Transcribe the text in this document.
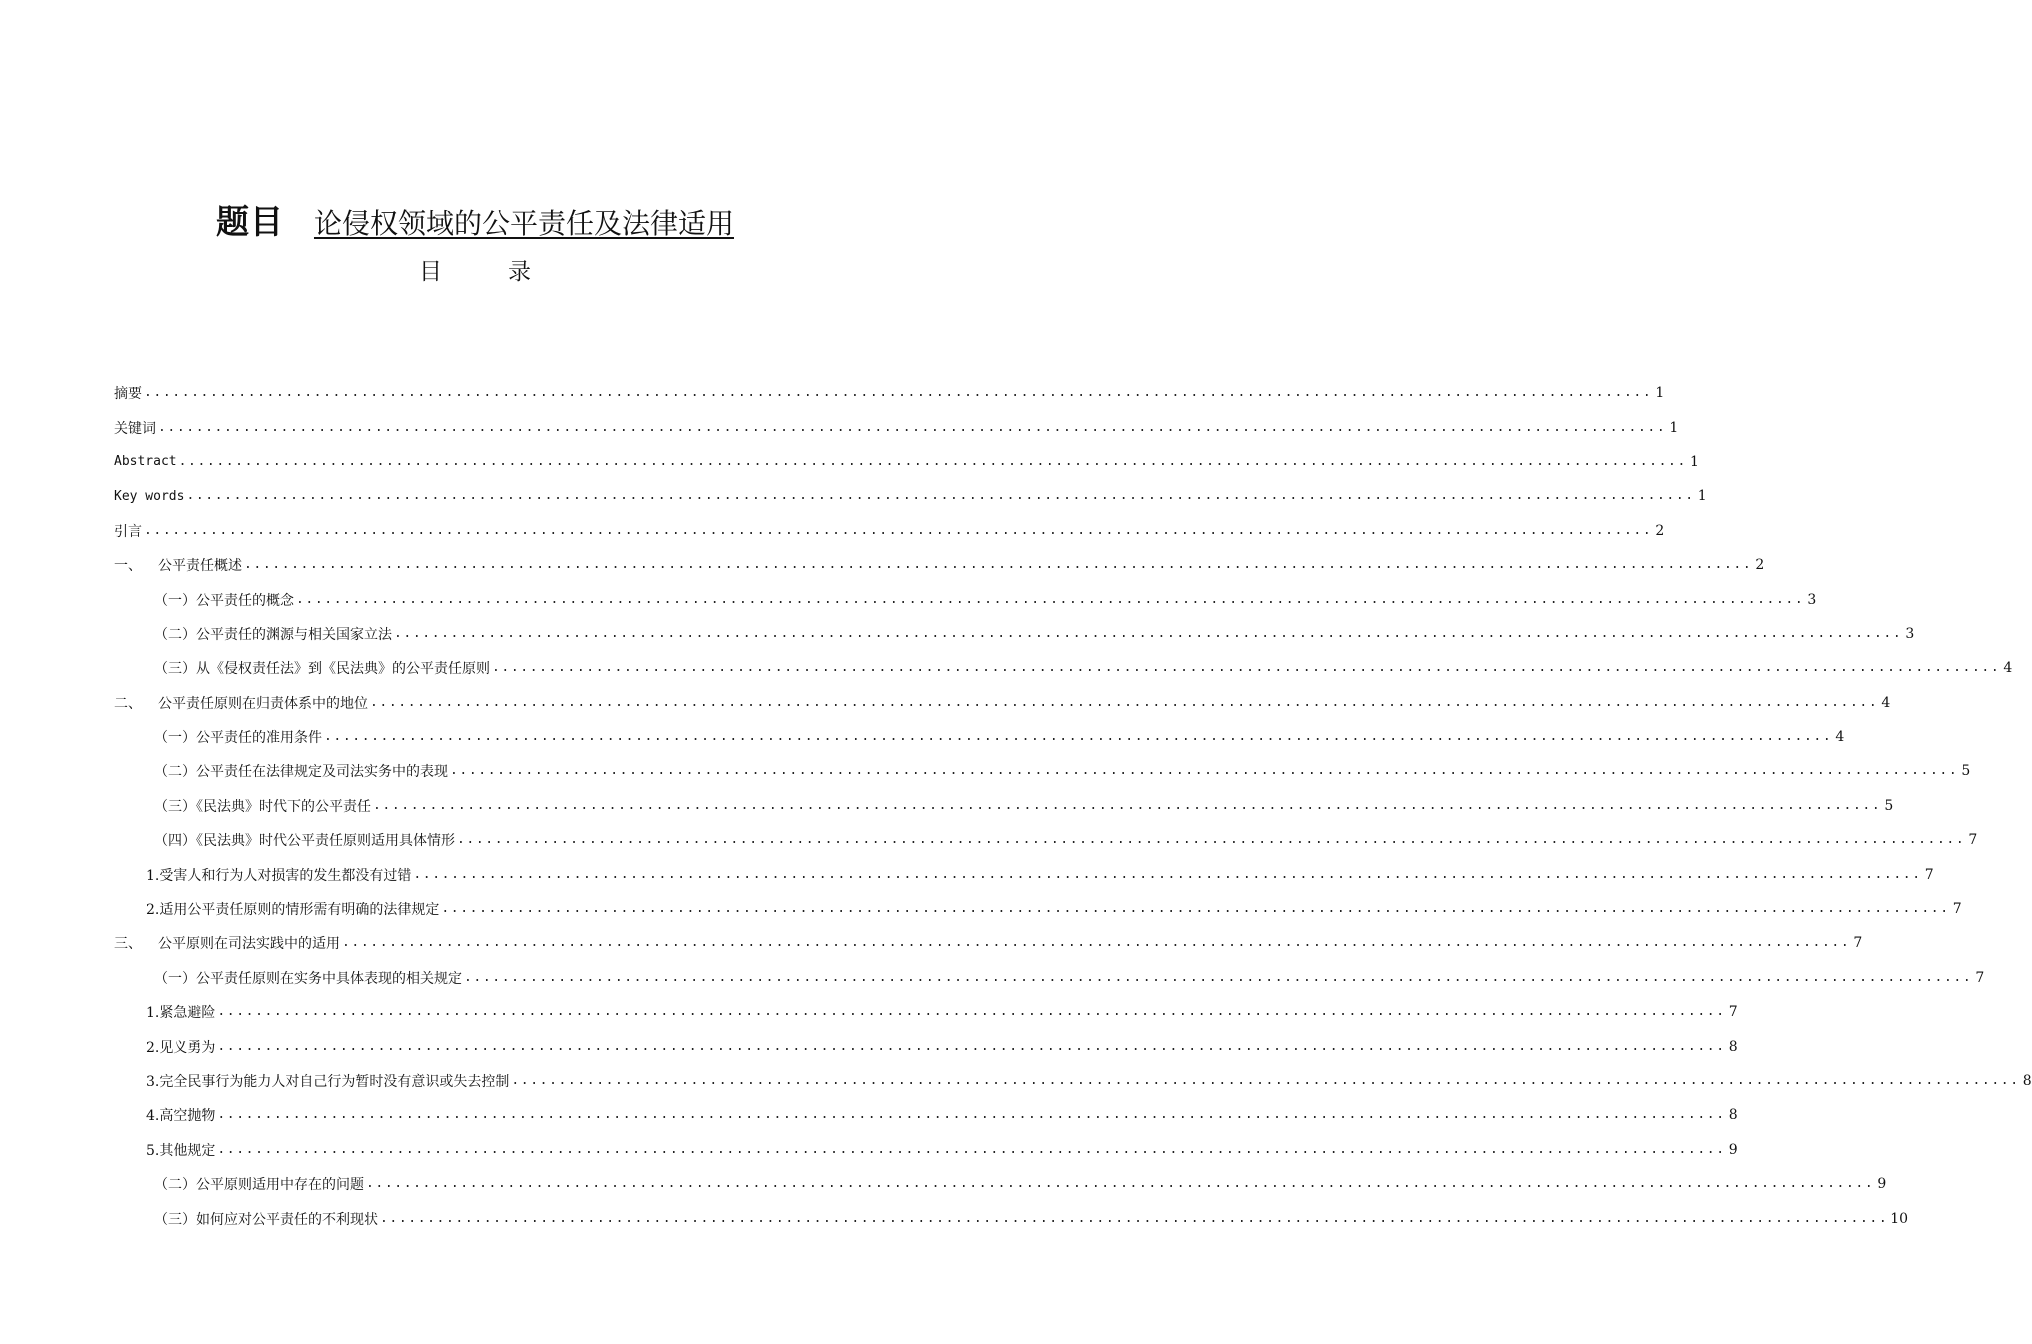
题目 论侵权领域的公平责任及法律适用
目录
摘要 ................................................................................................................................................................ 1
关键词 ................................................................................................................................................................ 1
Abstract ................................................................................................................................................................ 1
Key words ................................................................................................................................................................ 1
引言 ................................................................................................................................................................ 2
一、 公平责任概述 ................................................................................................................................................................ 2
（一）公平责任的概念 ................................................................................................................................................................ 3
（二）公平责任的渊源与相关国家立法 ................................................................................................................................................................ 3
（三）从《侵权责任法》到《民法典》的公平责任原则 ................................................................................................................................................................ 4
二、 公平责任原则在归责体系中的地位 ................................................................................................................................................................ 4
（一）公平责任的准用条件 ................................................................................................................................................................ 4
（二）公平责任在法律规定及司法实务中的表现 ................................................................................................................................................................ 5
（三）《民法典》时代下的公平责任 ................................................................................................................................................................ 5
（四）《民法典》时代公平责任原则适用具体情形 ................................................................................................................................................................ 7
1.受害人和行为人对损害的发生都没有过错 ................................................................................................................................................................ 7
2.适用公平责任原则的情形需有明确的法律规定 ................................................................................................................................................................ 7
三、 公平原则在司法实践中的适用 ................................................................................................................................................................ 7
（一）公平责任原则在实务中具体表现的相关规定 ................................................................................................................................................................ 7
1.紧急避险 ................................................................................................................................................................ 7
2.见义勇为 ................................................................................................................................................................ 8
3.完全民事行为能力人对自己行为暂时没有意识或失去控制 ................................................................................................................................................................ 8
4.高空抛物 ................................................................................................................................................................ 8
5.其他规定 ................................................................................................................................................................ 9
（二）公平原则适用中存在的问题 ................................................................................................................................................................ 9
（三）如何应对公平责任的不利现状 ................................................................................................................................................................ 10
